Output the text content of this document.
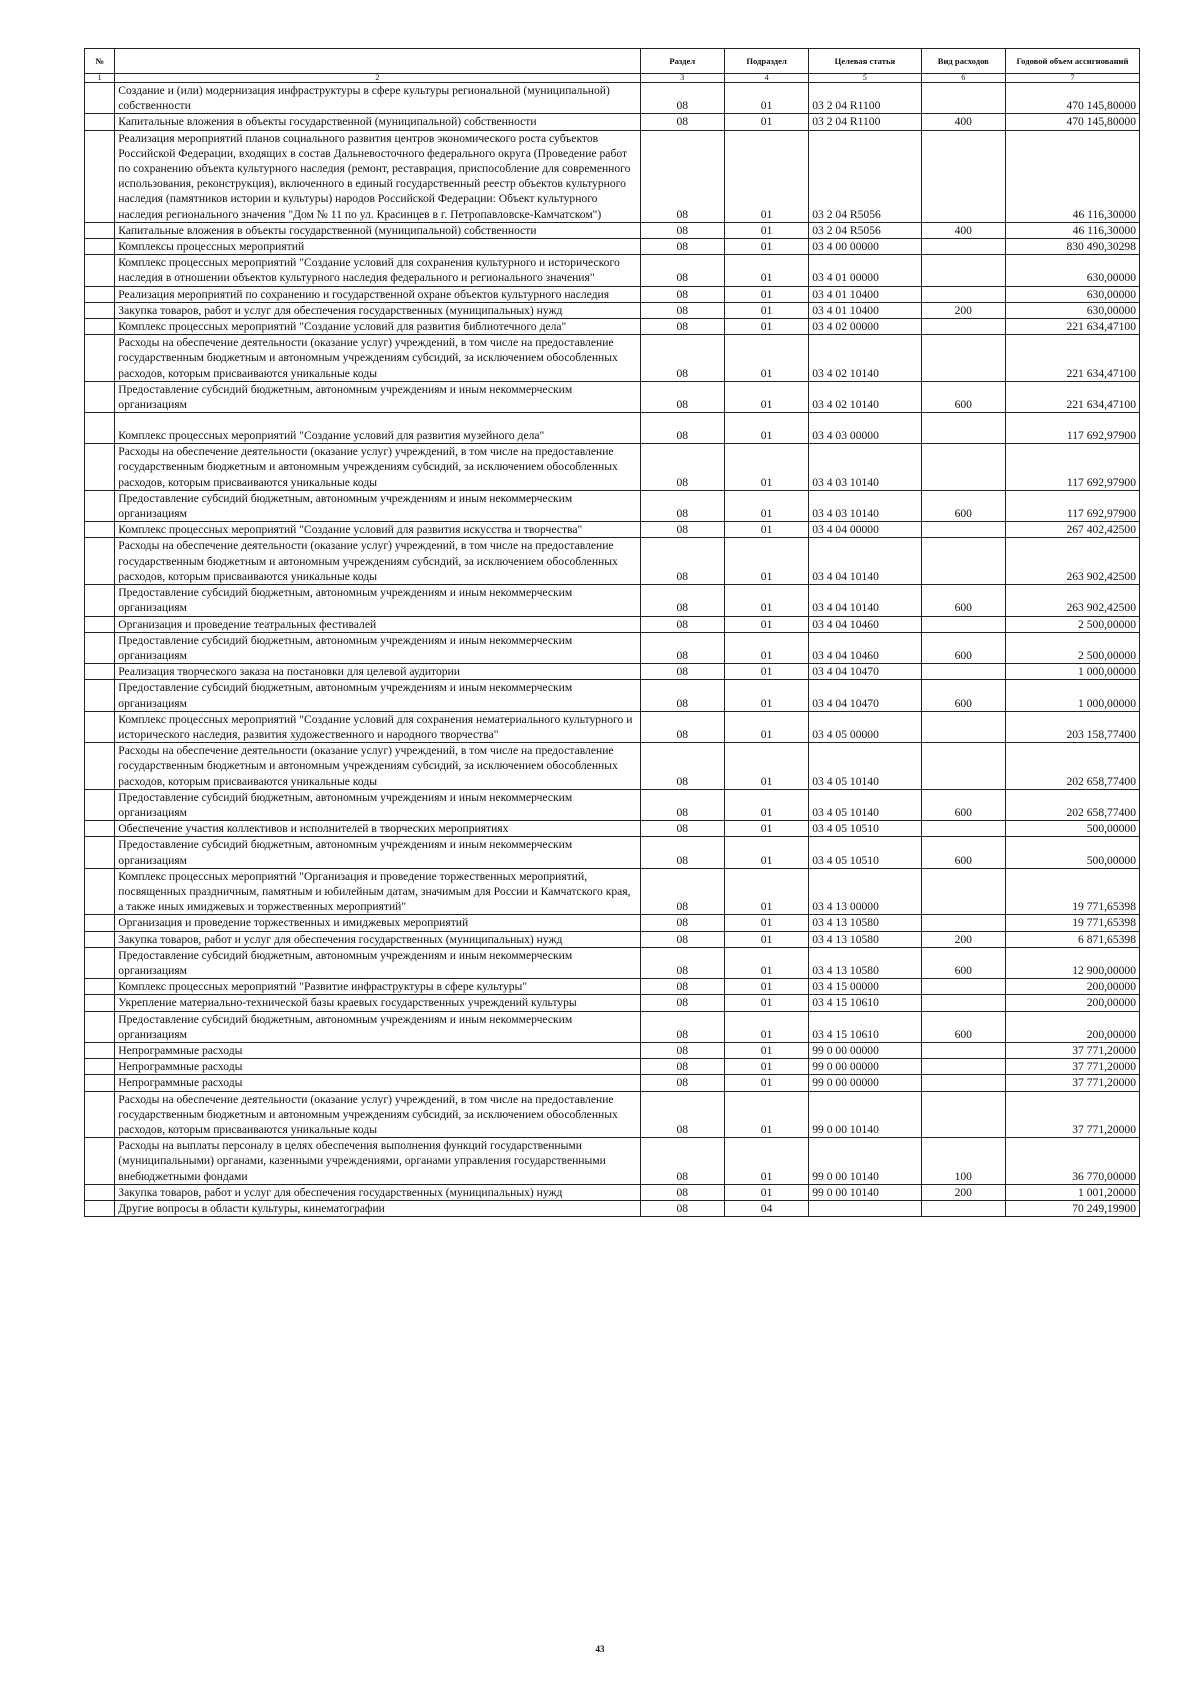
№		Раздел	Подраздел	Целевая статья	Вид расходов	Годовой объем ассигнований
1	2	3	4	5	6	7
	Создание и (или) модернизация инфраструктуры в сфере культуры региональной (муниципальной) собственности	08	01	03 2 04 R1100		470 145,80000
	Капитальные вложения в объекты государственной (муниципальной) собственности	08	01	03 2 04 R1100	400	470 145,80000
	Реализация мероприятий планов социального развития центров экономического роста субъектов Российской Федерации, входящих в состав Дальневосточного федерального округа (Проведение работ по сохранению объекта культурного наследия (ремонт, реставрация, приспособление для современного использования, реконструкция), включенного в единый государственный реестр объектов культурного наследия (памятников истории и культуры) народов Российской Федерации: Объект культурного наследия регионального значения "Дом № 11 по ул. Красинцев в г. Петропавловске-Камчатском")	08	01	03 2 04 R5056		46 116,30000
	Капитальные вложения в объекты государственной (муниципальной) собственности	08	01	03 2 04 R5056	400	46 116,30000
	Комплексы процессных мероприятий	08	01	03 4 00 00000		830 490,30298
	Комплекс процессных мероприятий "Создание условий для сохранения культурного и исторического наследия в отношении объектов культурного наследия федерального и регионального значения"	08	01	03 4 01 00000		630,00000
	Реализация мероприятий по сохранению и государственной охране объектов культурного наследия	08	01	03 4 01 10400		630,00000
	Закупка товаров, работ и услуг для обеспечения государственных (муниципальных) нужд	08	01	03 4 01 10400	200	630,00000
	Комплекс процессных мероприятий "Создание условий для развития библиотечного дела"	08	01	03 4 02 00000		221 634,47100
	Расходы на обеспечение деятельности (оказание услуг) учреждений, в том числе на предоставление государственным бюджетным и автономным учреждениям субсидий, за исключением обособленных расходов, которым присваиваются уникальные коды	08	01	03 4 02 10140		221 634,47100
	Предоставление субсидий бюджетным, автономным учреждениям и иным некоммерческим организациям	08	01	03 4 02 10140	600	221 634,47100
	Комплекс процессных мероприятий "Создание условий для развития музейного дела"	08	01	03 4 03 00000		117 692,97900
	Расходы на обеспечение деятельности (оказание услуг) учреждений, в том числе на предоставление государственным бюджетным и автономным учреждениям субсидий, за исключением обособленных расходов, которым присваиваются уникальные коды	08	01	03 4 03 10140		117 692,97900
	Предоставление субсидий бюджетным, автономным учреждениям и иным некоммерческим организациям	08	01	03 4 03 10140	600	117 692,97900
	Комплекс процессных мероприятий "Создание условий для развития искусства и творчества"	08	01	03 4 04 00000		267 402,42500
	Расходы на обеспечение деятельности (оказание услуг) учреждений, в том числе на предоставление государственным бюджетным и автономным учреждениям субсидий, за исключением обособленных расходов, которым присваиваются уникальные коды	08	01	03 4 04 10140		263 902,42500
	Предоставление субсидий бюджетным, автономным учреждениям и иным некоммерческим организациям	08	01	03 4 04 10140	600	263 902,42500
	Организация и проведение театральных фестивалей	08	01	03 4 04 10460		2 500,00000
	Предоставление субсидий бюджетным, автономным учреждениям и иным некоммерческим организациям	08	01	03 4 04 10460	600	2 500,00000
	Реализация творческого заказа на постановки для целевой аудитории	08	01	03 4 04 10470		1 000,00000
	Предоставление субсидий бюджетным, автономным учреждениям и иным некоммерческим организациям	08	01	03 4 04 10470	600	1 000,00000
	Комплекс процессных мероприятий "Создание условий для сохранения нематериального культурного и исторического наследия, развития художественного и народного творчества"	08	01	03 4 05 00000		203 158,77400
	Расходы на обеспечение деятельности (оказание услуг) учреждений, в том числе на предоставление государственным бюджетным и автономным учреждениям субсидий, за исключением обособленных расходов, которым присваиваются уникальные коды	08	01	03 4 05 10140		202 658,77400
	Предоставление субсидий бюджетным, автономным учреждениям и иным некоммерческим организациям	08	01	03 4 05 10140	600	202 658,77400
	Обеспечение участия коллективов и исполнителей в творческих мероприятиях	08	01	03 4 05 10510		500,00000
	Предоставление субсидий бюджетным, автономным учреждениям и иным некоммерческим организациям	08	01	03 4 05 10510	600	500,00000
	Комплекс процессных мероприятий "Организация и проведение торжественных мероприятий, посвященных праздничным, памятным и юбилейным датам, значимым для России и Камчатского края, а также иных имиджевых и торжественных мероприятий"	08	01	03 4 13 00000		19 771,65398
	Организация и проведение торжественных и имиджевых мероприятий	08	01	03 4 13 10580		19 771,65398
	Закупка товаров, работ и услуг для обеспечения государственных (муниципальных) нужд	08	01	03 4 13 10580	200	6 871,65398
	Предоставление субсидий бюджетным, автономным учреждениям и иным некоммерческим организациям	08	01	03 4 13 10580	600	12 900,00000
	Комплекс процессных мероприятий "Развитие инфраструктуры в сфере культуры"	08	01	03 4 15 00000		200,00000
	Укрепление материально-технической базы краевых государственных учреждений культуры	08	01	03 4 15 10610		200,00000
	Предоставление субсидий бюджетным, автономным учреждениям и иным некоммерческим организациям	08	01	03 4 15 10610	600	200,00000
	Непрограммные расходы	08	01	99 0 00 00000		37 771,20000
	Непрограммные расходы	08	01	99 0 00 00000		37 771,20000
	Непрограммные расходы	08	01	99 0 00 00000		37 771,20000
	Расходы на обеспечение деятельности (оказание услуг) учреждений, в том числе на предоставление государственным бюджетным и автономным учреждениям субсидий, за исключением обособленных расходов, которым присваиваются уникальные коды	08	01	99 0 00 10140		37 771,20000
	Расходы на выплаты персоналу в целях обеспечения выполнения функций государственными (муниципальными) органами, казенными учреждениями, органами управления государственными внебюджетными фондами	08	01	99 0 00 10140	100	36 770,00000
	Закупка товаров, работ и услуг для обеспечения государственных (муниципальных) нужд	08	01	99 0 00 10140	200	1 001,20000
	Другие вопросы в области культуры, кинематографии	08	04			70 249,19900
43
